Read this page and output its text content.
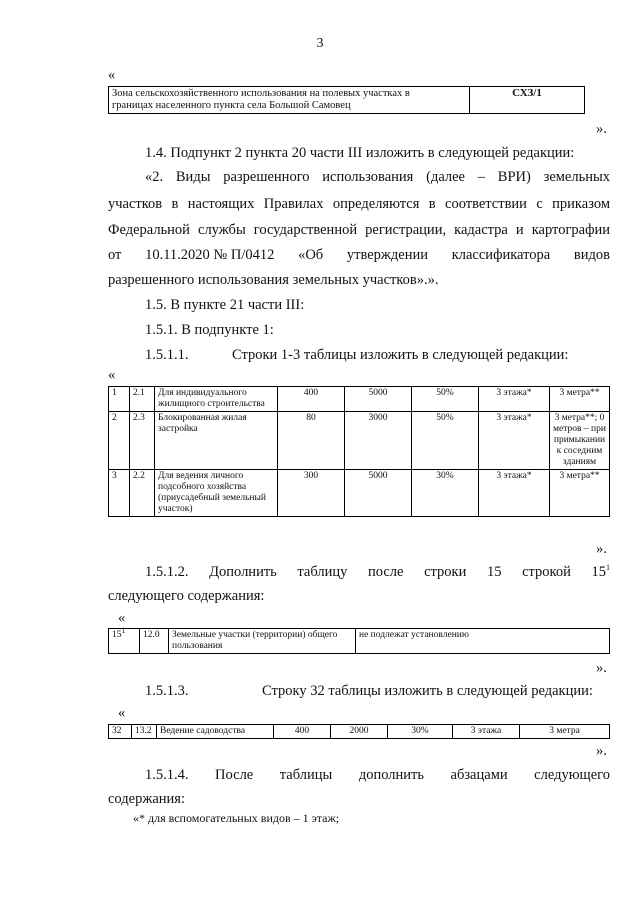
3
«
Зона сельскохозяйственного использования на полевых участках в
границах населенного пункта села Большой Самовец
	СХЗ/1
».
1.4. Подпункт 2 пункта 20 части III изложить в следующей редакции:
«2. Виды разрешенного использования (далее – ВРИ) земельных
участков в настоящих Правилах определяются в соответствии с приказом
Федеральной службы государственной регистрации, кадастра и картографии
от 10.11.2020 № П/0412 «Об утверждении классификатора видов
разрешенного использования земельных участков».».
1.5. В пункте 21 части III:
1.5.1. В подпункте 1:
1.5.1.1.	Строки 1-3 таблицы изложить в следующей редакции:
«
1	2.1	Для индивидуального жилищного строительства	400	5000	50%	3 этажа*	3 метра**
2	2.3	Блокированная жилая застройка	80	3000	50%	3 этажа*	3 метра**; 0 метров – при примыкании к соседним зданиям
3	2.2	Для ведения личного подсобного хозяйства (приусадебный земельный участок)	300	5000	30%	3 этажа*	3 метра**
».
1.5.1.2. Дополнить таблицу после строки 15 строкой $15^1$
следующего содержания:
«
$15^1$	12.0	Земельные участки (территории) общего пользования	не подлежат установлению
».
1.5.1.3.	Строку 32 таблицы изложить в следующей редакции:
«
32	13.2	Ведение садоводства	400	2000	30%	3 этажа	3 метра
».
1.5.1.4. После таблицы дополнить абзацами следующего
содержания:
«* для вспомогательных видов – 1 этаж;
